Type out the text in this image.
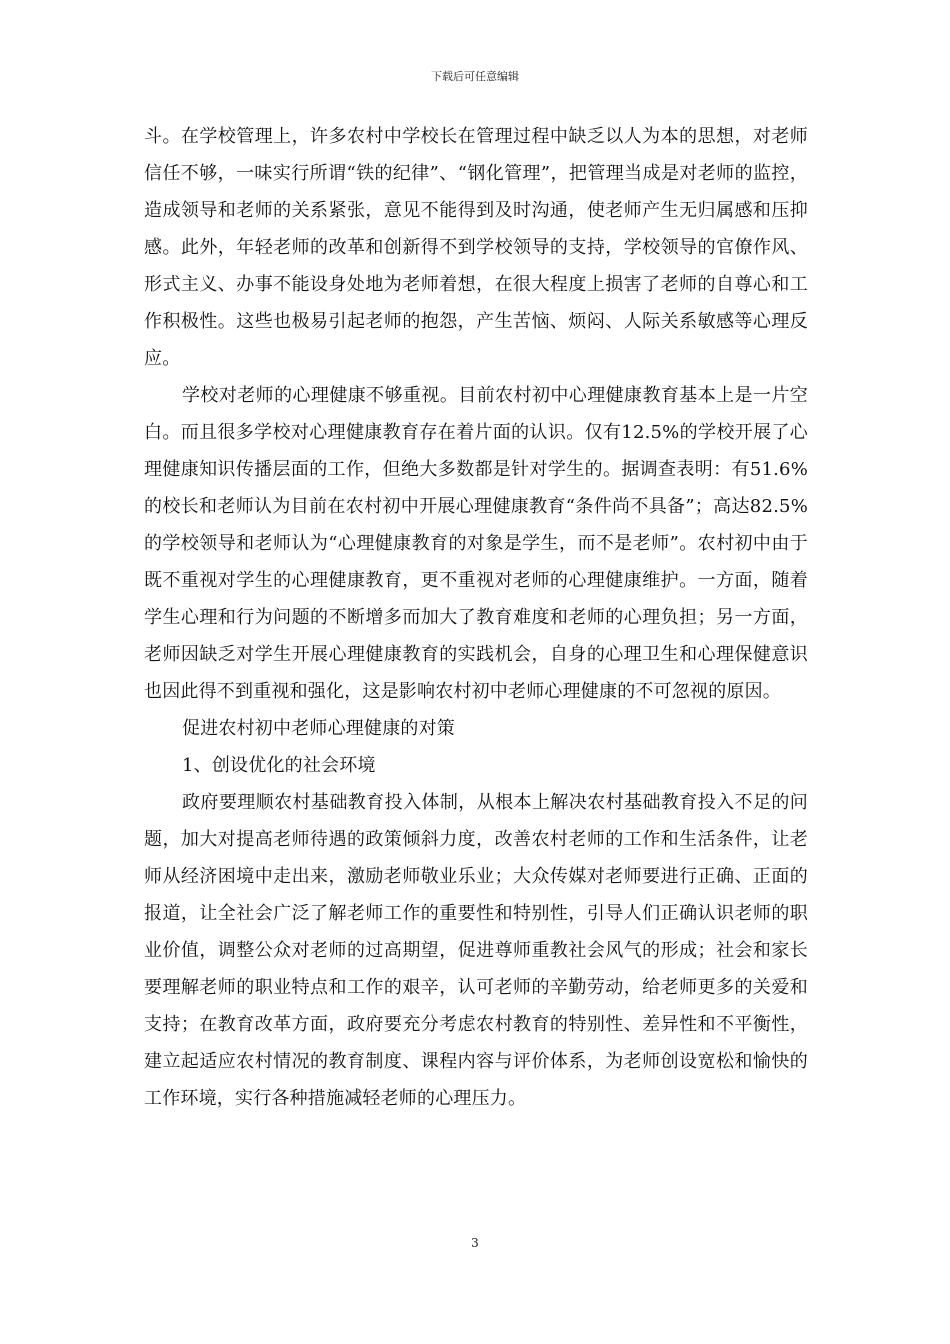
下载后可任意编辑

斗。在学校管理上，许多农村中学校长在管理过程中缺乏以人为本的思想，对老师信任不够，一味实行所谓“铁的纪律”、“钢化管理”，把管理当成是对老师的监控，造成领导和老师的关系紧张，意见不能得到及时沟通，使老师产生无归属感和压抑感。此外，年轻老师的改革和创新得不到学校领导的支持，学校领导的官僚作风、形式主义、办事不能设身处地为老师着想，在很大程度上损害了老师的自尊心和工作积极性。这些也极易引起老师的抱怨，产生苦恼、烦闷、人际关系敏感等心理反应。

学校对老师的心理健康不够重视。目前农村初中心理健康教育基本上是一片空白。而且很多学校对心理健康教育存在着片面的认识。仅有12.5%的学校开展了心理健康知识传播层面的工作，但绝大多数都是针对学生的。据调查表明：有51.6%的校长和老师认为目前在农村初中开展心理健康教育“条件尚不具备”；高达82.5%的学校领导和老师认为“心理健康教育的对象是学生，而不是老师”。农村初中由于既不重视对学生的心理健康教育，更不重视对老师的心理健康维护。一方面，随着学生心理和行为问题的不断增多而加大了教育难度和老师的心理负担；另一方面，老师因缺乏对学生开展心理健康教育的实践机会，自身的心理卫生和心理保健意识也因此得不到重视和强化，这是影响农村初中老师心理健康的不可忽视的原因。

促进农村初中老师心理健康的对策

1、创设优化的社会环境

政府要理顺农村基础教育投入体制，从根本上解决农村基础教育投入不足的问题，加大对提高老师待遇的政策倾斜力度，改善农村老师的工作和生活条件，让老师从经济困境中走出来，激励老师敬业乐业；大众传媒对老师要进行正确、正面的报道，让全社会广泛了解老师工作的重要性和特别性，引导人们正确认识老师的职业价值，调整公众对老师的过高期望，促进尊师重教社会风气的形成；社会和家长要理解老师的职业特点和工作的艰辛，认可老师的辛勤劳动，给老师更多的关爱和支持；在教育改革方面，政府要充分考虑农村教育的特别性、差异性和不平衡性，建立起适应农村情况的教育制度、课程内容与评价体系，为老师创设宽松和愉快的工作环境，实行各种措施减轻老师的心理压力。

3
